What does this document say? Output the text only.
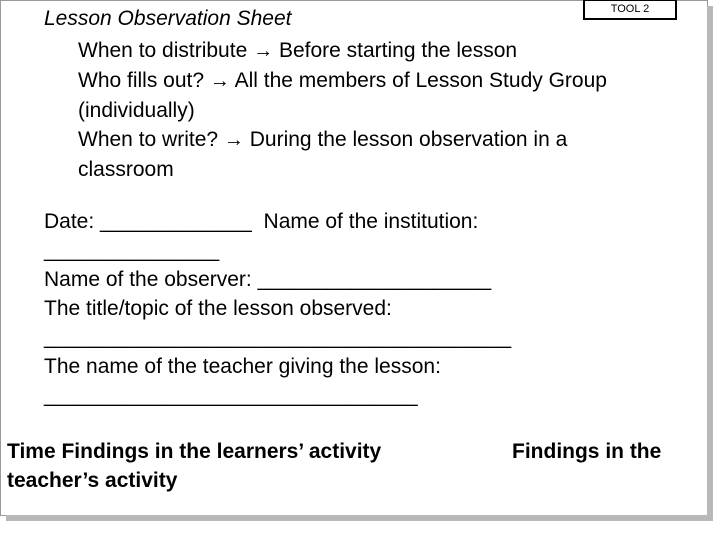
TOOL 2
Lesson Observation Sheet
When to distribute → Before starting the lesson
Who fills out? → All the members of Lesson Study Group
(individually)
When to write? → During the lesson observation in a
classroom
Date: _____________ Name of the institution:
_______________
Name of the observer: ____________________
The title/topic of the lesson observed:
________________________________________
The name of the teacher giving the lesson:
________________________________
Time Findings in the learners’ activity	Findings in the
teacher’s activity
